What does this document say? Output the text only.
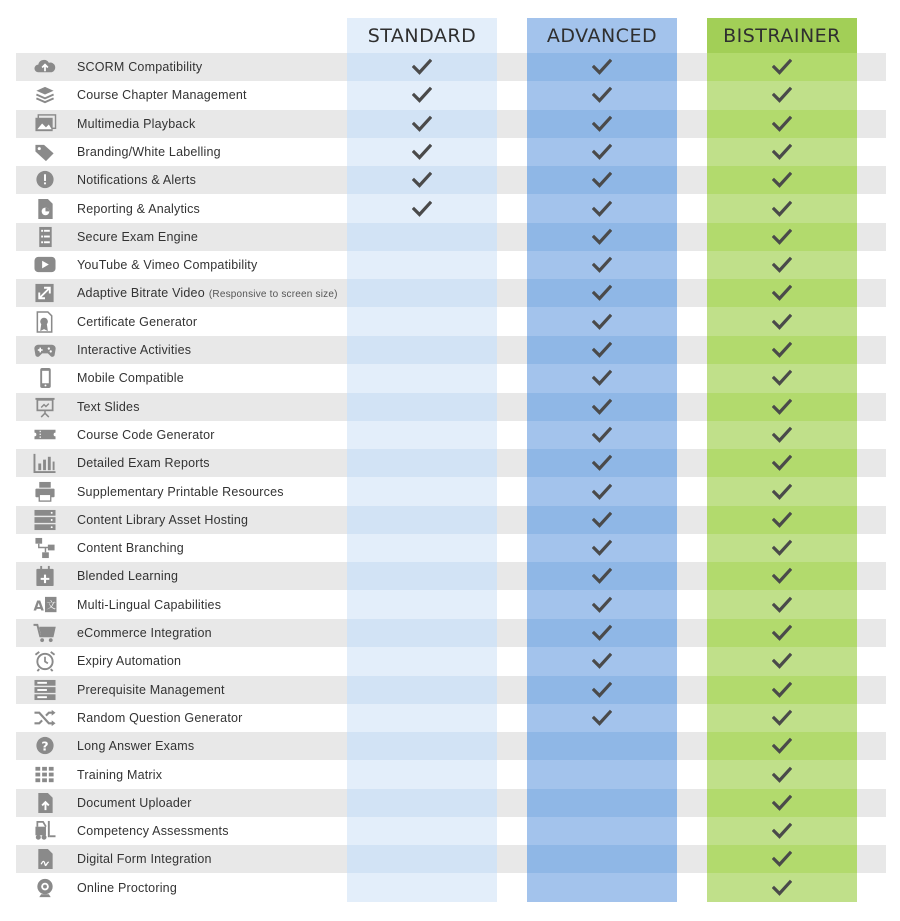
SCORM Compatibility
Course Chapter Management
Multimedia Playback
Branding/White Labelling
Notifications & Alerts
Reporting & Analytics
Secure Exam Engine
YouTube & Vimeo Compatibility
Adaptive Bitrate Video (Responsive to screen size)
Certificate Generator
Interactive Activities
Mobile Compatible
Text Slides
Course Code Generator
Detailed Exam Reports
Supplementary Printable Resources
Content Library Asset Hosting
Content Branching
Blended Learning
A 文 Multi-Lingual Capabilities
eCommerce Integration
Expiry Automation
Prerequisite Management
Random Question Generator
? Long Answer Exams
Training Matrix
Document Uploader
Competency Assessments
Digital Form Integration
Online Proctoring
STANDARD	ADVANCED	BISTRAINER
